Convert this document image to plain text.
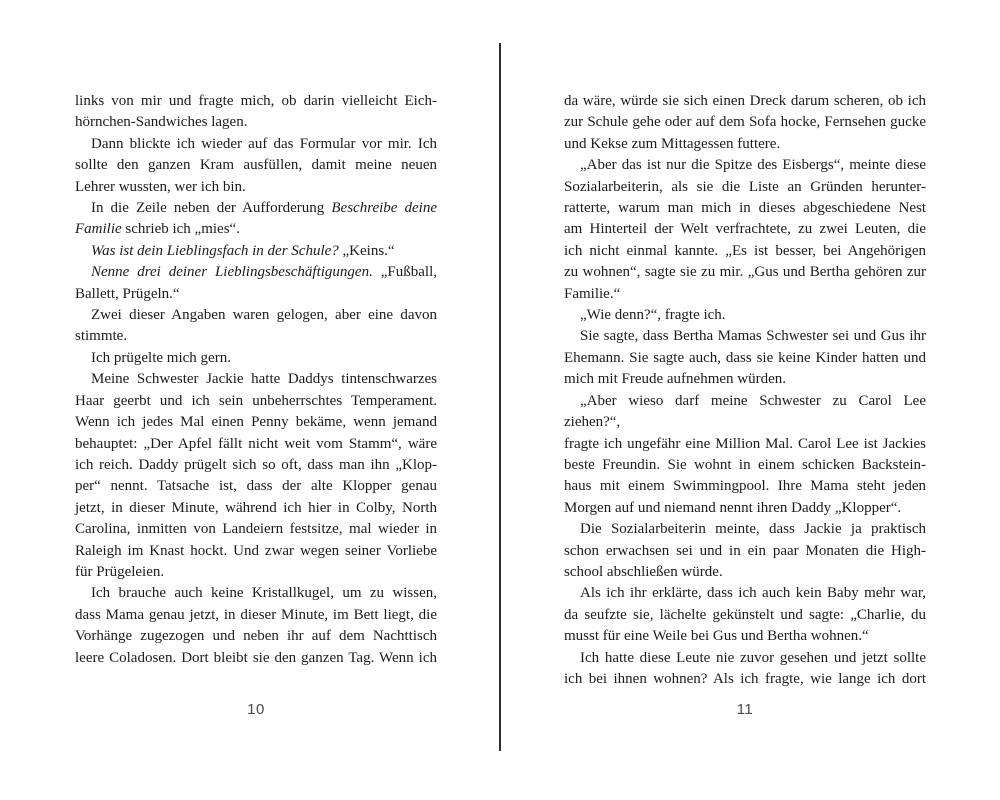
links von mir und fragte mich, ob darin vielleicht Eich-
hörnchen-Sandwiches lagen.
Dann blickte ich wieder auf das Formular vor mir. Ich
sollte den ganzen Kram ausfüllen, damit meine neuen
Lehrer wussten, wer ich bin.
In die Zeile neben der Aufforderung Beschreibe deine
Familie schrieb ich „mies“.
Was ist dein Lieblingsfach in der Schule? „Keins.“
Nenne drei deiner Lieblingsbeschäftigungen. „Fußball,
Ballett, Prügeln.“
Zwei dieser Angaben waren gelogen, aber eine davon
stimmte.
Ich prügelte mich gern.
Meine Schwester Jackie hatte Daddys tintenschwarzes
Haar geerbt und ich sein unbeherrschtes Temperament.
Wenn ich jedes Mal einen Penny bekäme, wenn jemand
behauptet: „Der Apfel fällt nicht weit vom Stamm“, wäre
ich reich. Daddy prügelt sich so oft, dass man ihn „Klop-
per“ nennt. Tatsache ist, dass der alte Klopper genau
jetzt, in dieser Minute, während ich hier in Colby, North
Carolina, inmitten von Landeiern festsitze, mal wieder in
Raleigh im Knast hockt. Und zwar wegen seiner Vorliebe
für Prügeleien.
Ich brauche auch keine Kristallkugel, um zu wissen,
dass Mama genau jetzt, in dieser Minute, im Bett liegt, die
Vorhänge zugezogen und neben ihr auf dem Nachttisch
leere Coladosen. Dort bleibt sie den ganzen Tag. Wenn ich
10
da wäre, würde sie sich einen Dreck darum scheren, ob ich
zur Schule gehe oder auf dem Sofa hocke, Fernsehen gucke
und Kekse zum Mittagessen futtere.
„Aber das ist nur die Spitze des Eisbergs“, meinte diese
Sozialarbeiterin, als sie die Liste an Gründen herunter-
ratterte, warum man mich in dieses abgeschiedene Nest
am Hinterteil der Welt verfrachtete, zu zwei Leuten, die
ich nicht einmal kannte. „Es ist besser, bei Angehörigen
zu wohnen“, sagte sie zu mir. „Gus und Bertha gehören zur
Familie.“
„Wie denn?“, fragte ich.
Sie sagte, dass Bertha Mamas Schwester sei und Gus ihr
Ehemann. Sie sagte auch, dass sie keine Kinder hatten und
mich mit Freude aufnehmen würden.
„Aber wieso darf meine Schwester zu Carol Lee ziehen?“,
fragte ich ungefähr eine Million Mal. Carol Lee ist Jackies
beste Freundin. Sie wohnt in einem schicken Backstein-
haus mit einem Swimmingpool. Ihre Mama steht jeden
Morgen auf und niemand nennt ihren Daddy „Klopper“.
Die Sozialarbeiterin meinte, dass Jackie ja praktisch
schon erwachsen sei und in ein paar Monaten die High-
school abschließen würde.
Als ich ihr erklärte, dass ich auch kein Baby mehr war,
da seufzte sie, lächelte gekünstelt und sagte: „Charlie, du
musst für eine Weile bei Gus und Bertha wohnen.“
Ich hatte diese Leute nie zuvor gesehen und jetzt sollte
ich bei ihnen wohnen? Als ich fragte, wie lange ich dort
11
